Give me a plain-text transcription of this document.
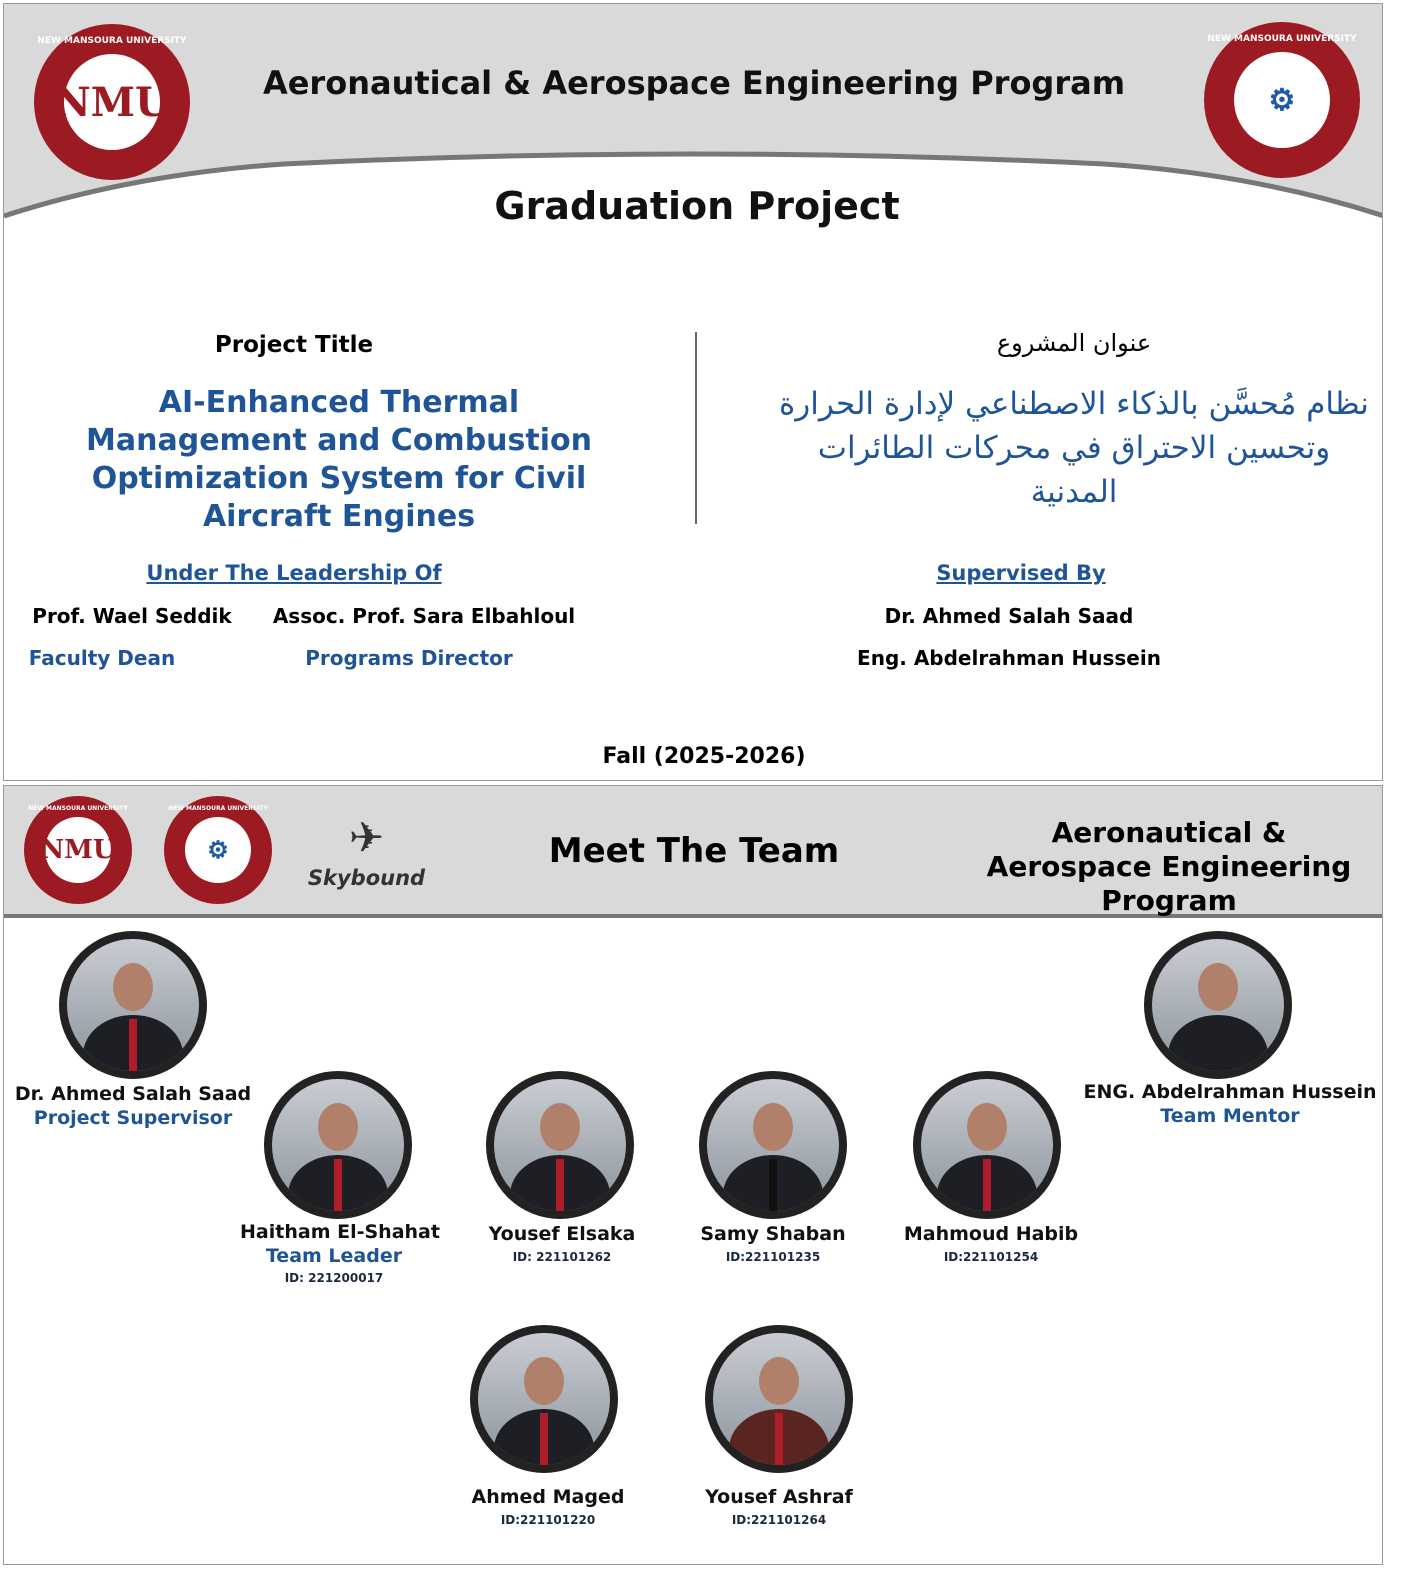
NEW MANSOURA UNIVERSITY
NMU
NEW MANSOURA UNIVERSITY
⚙
Aeronautical & Aerospace Engineering Program
Graduation Project
Project Title
AI-Enhanced Thermal Management and Combustion Optimization System for Civil Aircraft Engines
عنوان المشروع
نظام مُحسَّن بالذكاء الاصطناعي لإدارة الحرارة وتحسين الاحتراق في محركات الطائرات المدنية
Under The Leadership Of
Prof. Wael Seddik
Faculty Dean
Assoc. Prof. Sara Elbahloul
Programs Director
Supervised By
Dr. Ahmed Salah Saad
Eng. Abdelrahman Hussein
Fall (2025-2026)
NEW MANSOURA UNIVERSITY
NMU
NEW MANSOURA UNIVERSITY
⚙	✈
Skybound
Meet The Team	Aeronautical & Aerospace Engineering Program
Dr. Ahmed Salah Saad
Project Supervisor
ENG. Abdelrahman Hussein
Team Mentor
Haitham El-Shahat
Team Leader
ID: 221200017
Yousef Elsaka
ID: 221101262
Samy Shaban
ID:221101235
Mahmoud Habib
ID:221101254
Ahmed Maged
ID:221101220
Yousef Ashraf
ID:221101264
